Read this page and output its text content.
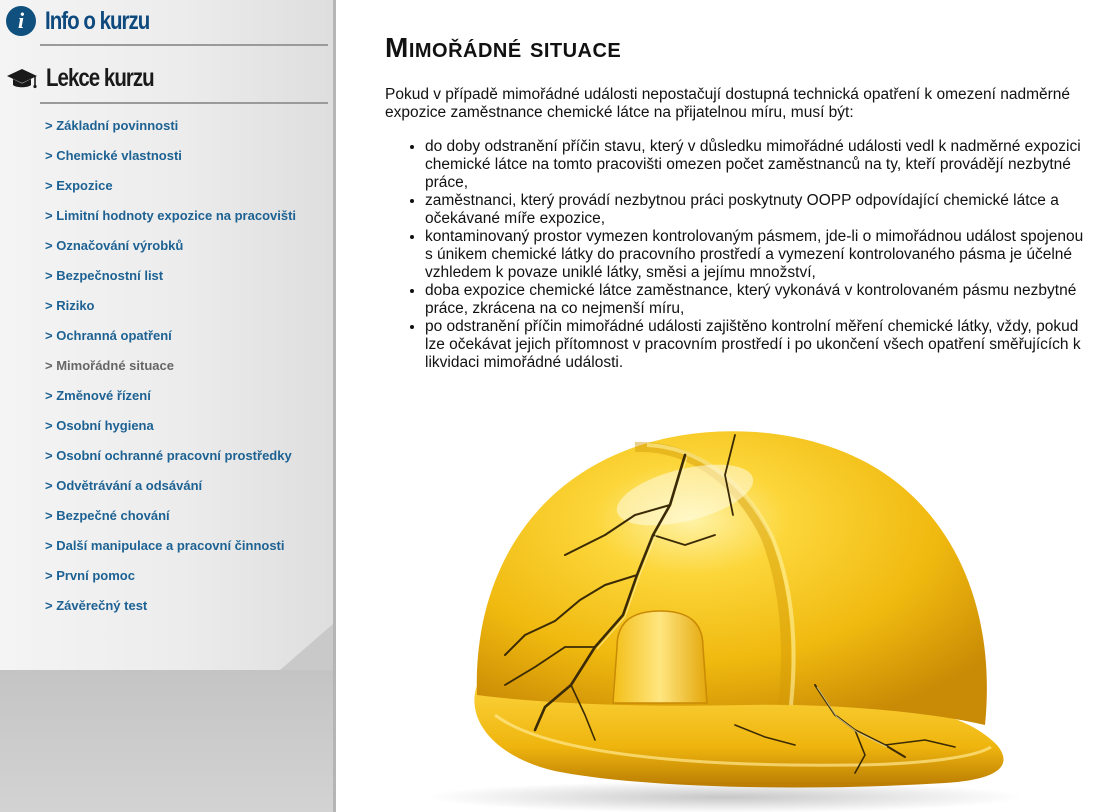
i Info o kurzu
Lekce kurzu
> Základní povinnosti
> Chemické vlastnosti
> Expozice
> Limitní hodnoty expozice na pracovišti
> Označování výrobků
> Bezpečnostní list
> Riziko
> Ochranná opatření
> Mimořádné situace
> Změnové řízení
> Osobní hygiena
> Osobní ochranné pracovní prostředky
> Odvětrávání a odsávání
> Bezpečné chování
> Další manipulace a pracovní činnosti
> První pomoc
> Závěrečný test
Mimořádné situace

Pokud v případě mimořádné události nepostačují dostupná technická opatření k omezení nadměrné expozice zaměstnance chemické látce na přijatelnou míru, musí být:

• do doby odstranění příčin stavu, který v důsledku mimořádné události vedl k nadměrné expozici chemické látce na tomto pracovišti omezen počet zaměstnanců na ty, kteří provádějí nezbytné práce,
• zaměstnanci, který provádí nezbytnou práci poskytnuty OOPP odpovídající chemické látce a očekávané míře expozice,
• kontaminovaný prostor vymezen kontrolovaným pásmem, jde-li o mimořádnou událost spojenou s únikem chemické látky do pracovního prostředí a vymezení kontrolovaného pásma je účelné vzhledem k povaze uniklé látky, směsi a jejímu množství,
• doba expozice chemické látce zaměstnance, který vykonává v kontrolovaném pásmu nezbytné práce, zkrácena na co nejmenší míru,
• po odstranění příčin mimořádné události zajištěno kontrolní měření chemické látky, vždy, pokud lze očekávat jejich přítomnost v pracovním prostředí i po ukončení všech opatření směřujících k likvidaci mimořádné události.
